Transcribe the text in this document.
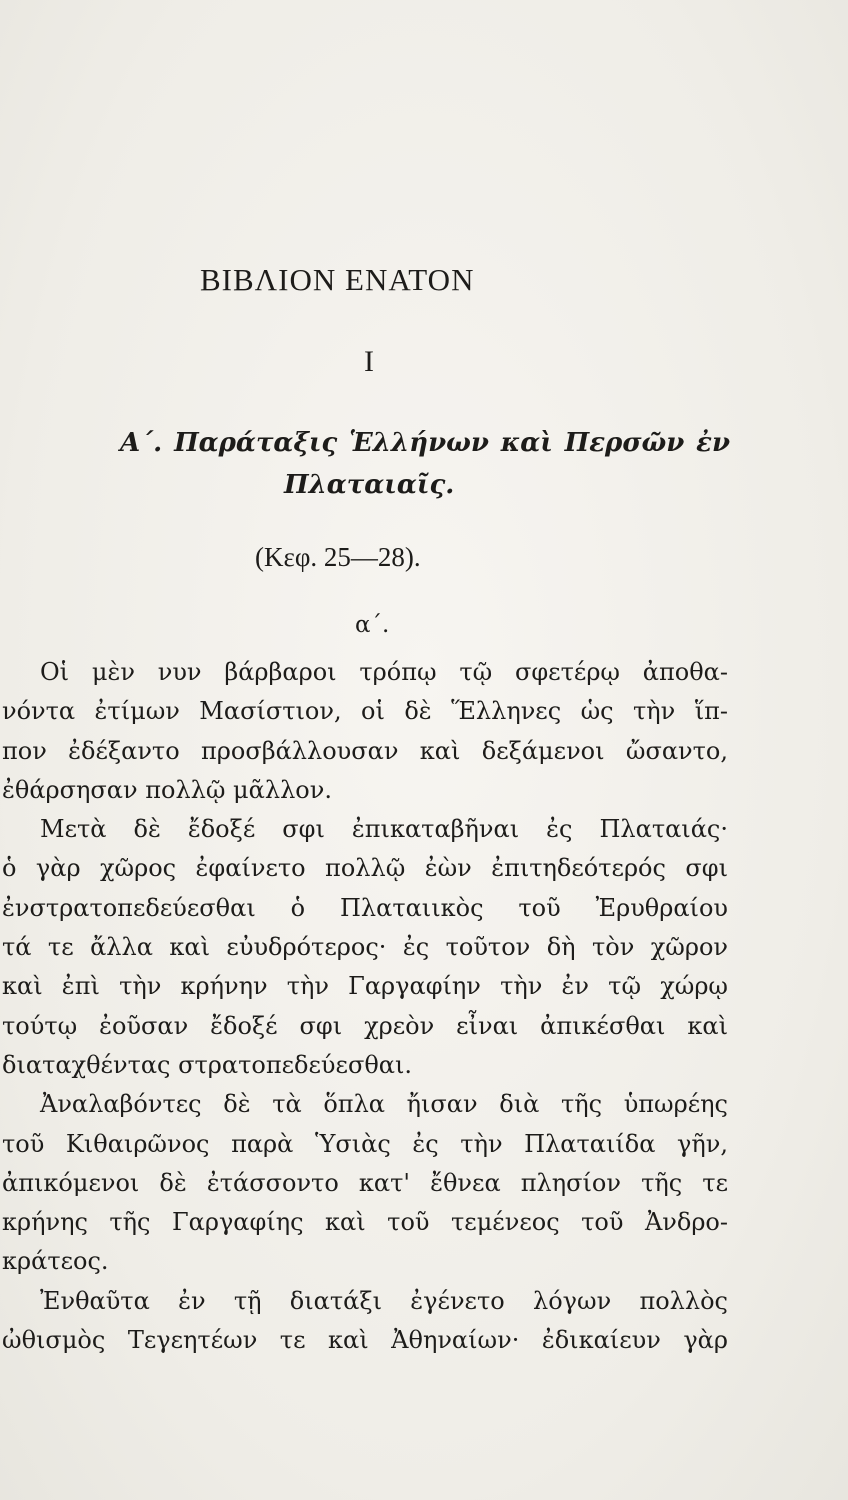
ΒΙΒΛΙΟΝ ΕΝΑΤΟΝ
I
Α΄. Παράταξις Ἑλλήνων καὶ Περσῶν ἐν
Πλαταιαῖς.
(Κεφ. 25—28).
α΄.
Οἱ μὲν νυν βάρβαροι τρόπῳ τῷ σφετέρῳ ἀποθα-
νόντα ἐτίμων Μασίστιον, οἱ δὲ Ἕλληνες ὡς τὴν ἵπ-
πον ἐδέξαντο προσβάλλουσαν καὶ δεξάμενοι ὤσαντο,
ἐθάρσησαν πολλῷ μᾶλλον.
Μετὰ δὲ ἔδοξέ σφι ἐπικαταβῆναι ἐς Πλαταιάς·
ὁ γὰρ χῶρος ἐφαίνετο πολλῷ ἐὼν ἐπιτηδεότερός σφι
ἐνστρατοπεδεύεσθαι ὁ Πλαταιικὸς τοῦ Ἐρυθραίου
τά τε ἄλλα καὶ εὐυδρότερος· ἐς τοῦτον δὴ τὸν χῶρον
καὶ ἐπὶ τὴν κρήνην τὴν Γαργαφίην τὴν ἐν τῷ χώρῳ
τούτῳ ἐοῦσαν ἔδοξέ σφι χρεὸν εἶναι ἀπικέσθαι καὶ
διαταχθέντας στρατοπεδεύεσθαι.
Ἀναλαβόντες δὲ τὰ ὅπλα ἤισαν διὰ τῆς ὑπωρέης
τοῦ Κιθαιρῶνος παρὰ Ὑσιὰς ἐς τὴν Πλαταιίδα γῆν,
ἀπικόμενοι δὲ ἐτάσσοντο κατ' ἔθνεα πλησίον τῆς τε
κρήνης τῆς Γαργαφίης καὶ τοῦ τεμένεος τοῦ Ἀνδρο-
κράτεος.
Ἐνθαῦτα ἐν τῇ διατάξι ἐγένετο λόγων πολλὸς
ὠθισμὸς Τεγεητέων τε καὶ Ἀθηναίων· ἐδικαίευν γὰρ
